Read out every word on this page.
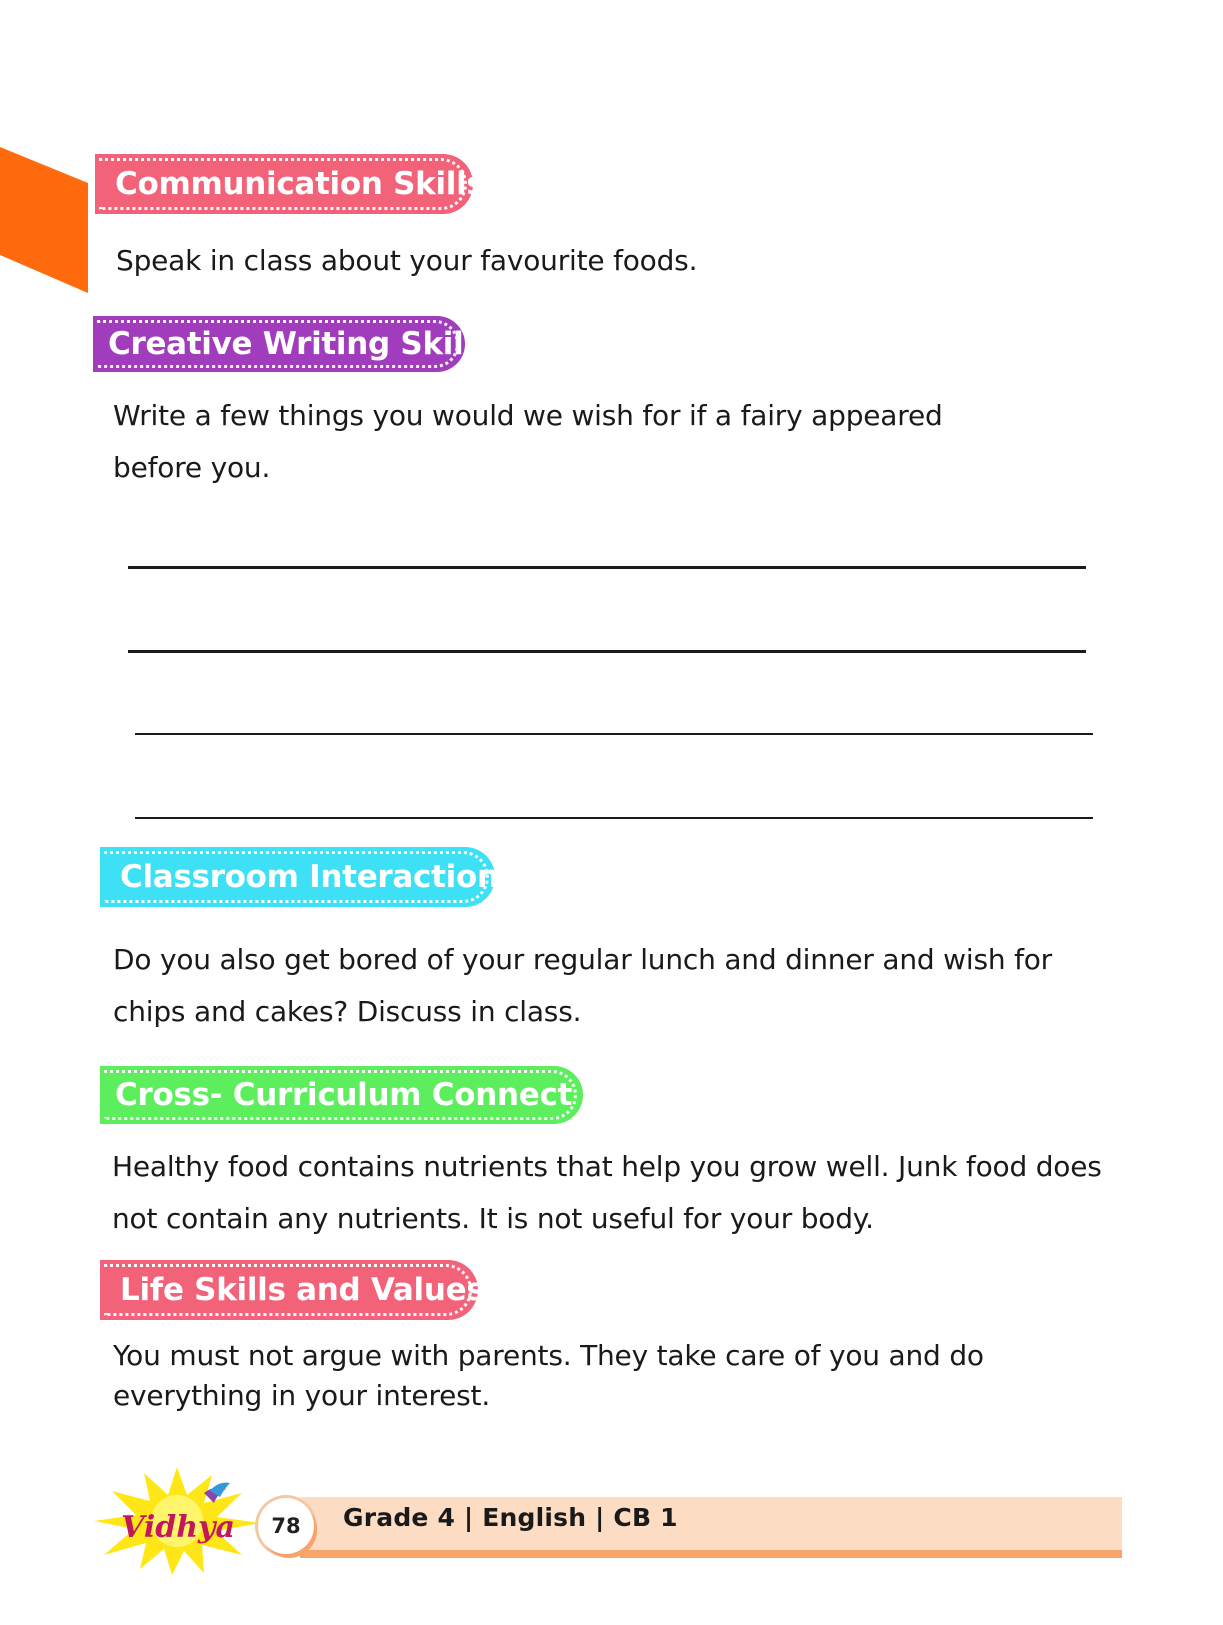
Communication Skills

Speak in class about your favourite foods.

Creative Writing Skills

Write a few things you would we wish for if a fairy appeared
before you.

Classroom Interaction

Do you also get bored of your regular lunch and dinner and wish for
chips and cakes? Discuss in class.

Cross- Curriculum Connect

Healthy food contains nutrients that help you grow well. Junk food does
not contain any nutrients. It is not useful for your body.

Life Skills and Values

You must not argue with parents. They take care of you and do
everything in your interest.

Grade 4 | English | CB 1
78
Vidhya
